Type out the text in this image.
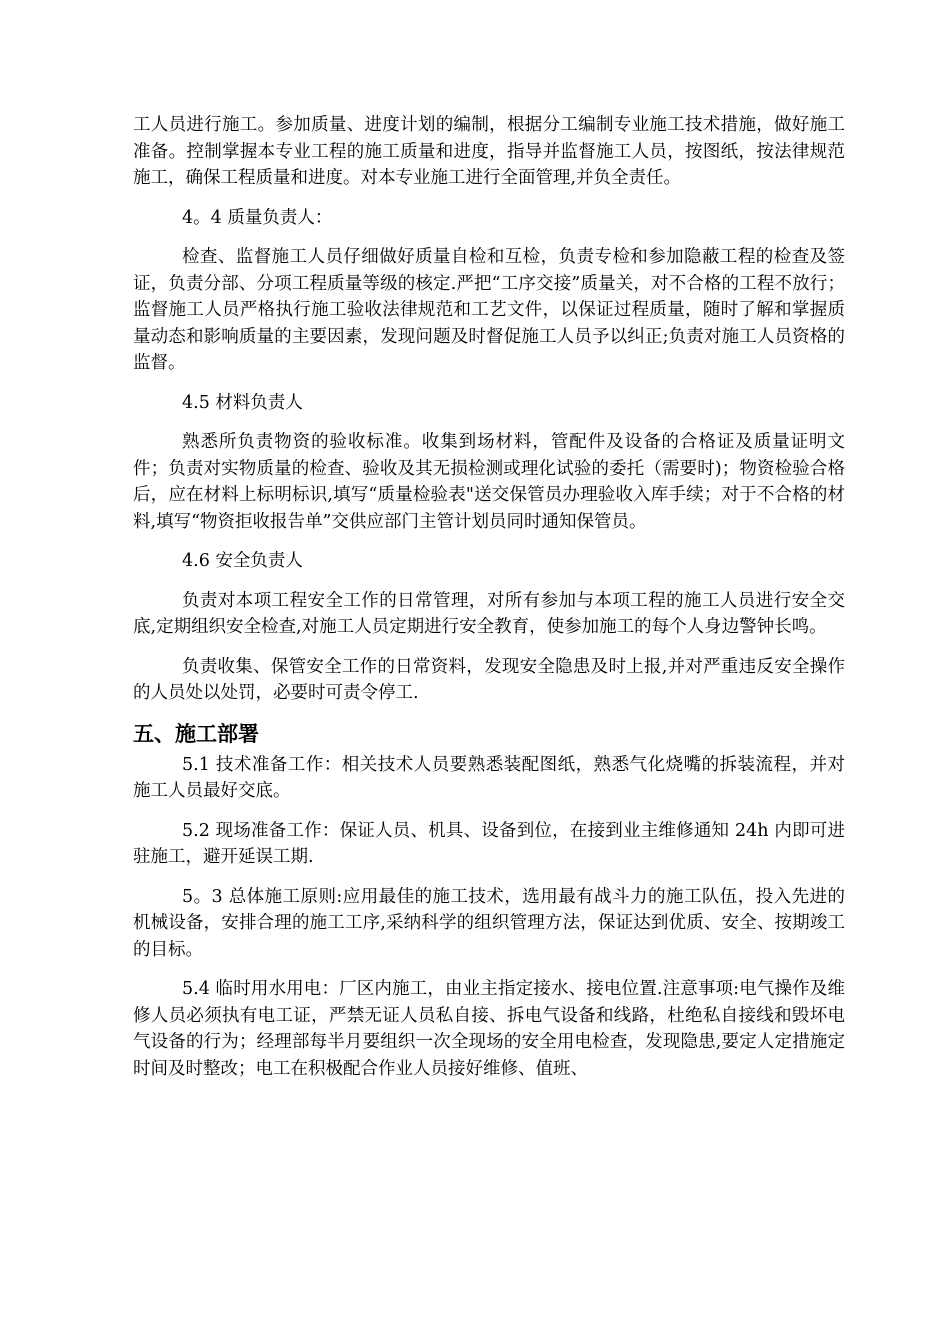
工人员进行施工。参加质量、进度计划的编制，根据分工编制专业施工技术措施，做好施工准备。控制掌握本专业工程的施工质量和进度，指导并监督施工人员，按图纸，按法律规范施工，确保工程质量和进度。对本专业施工进行全面管理,并负全责任。

4。4 质量负责人：

检查、监督施工人员仔细做好质量自检和互检，负责专检和参加隐蔽工程的检查及签证，负责分部、分项工程质量等级的核定.严把“工序交接”质量关，对不合格的工程不放行；监督施工人员严格执行施工验收法律规范和工艺文件，以保证过程质量，随时了解和掌握质量动态和影响质量的主要因素，发现问题及时督促施工人员予以纠正;负责对施工人员资格的监督。

4.5 材料负责人

熟悉所负责物资的验收标准。收集到场材料，管配件及设备的合格证及质量证明文件；负责对实物质量的检查、验收及其无损检测或理化试验的委托（需要时)；物资检验合格后，应在材料上标明标识,填写“质量检验表"送交保管员办理验收入库手续；对于不合格的材料,填写“物资拒收报告单”交供应部门主管计划员同时通知保管员。

4.6 安全负责人

负责对本项工程安全工作的日常管理，对所有参加与本项工程的施工人员进行安全交底,定期组织安全检查,对施工人员定期进行安全教育，使参加施工的每个人身边警钟长鸣。

负责收集、保管安全工作的日常资料，发现安全隐患及时上报,并对严重违反安全操作的人员处以处罚，必要时可责令停工.

五、施工部署

5.1 技术准备工作：相关技术人员要熟悉装配图纸，熟悉气化烧嘴的拆装流程，并对施工人员最好交底。

5.2 现场准备工作：保证人员、机具、设备到位，在接到业主维修通知 24h 内即可进驻施工，避开延误工期.

5。3 总体施工原则:应用最佳的施工技术，选用最有战斗力的施工队伍，投入先进的机械设备，安排合理的施工工序,采纳科学的组织管理方法，保证达到优质、安全、按期竣工的目标。

5.4 临时用水用电：厂区内施工，由业主指定接水、接电位置.注意事项:电气操作及维修人员必须执有电工证，严禁无证人员私自接、拆电气设备和线路，杜绝私自接线和毁坏电气设备的行为；经理部每半月要组织一次全现场的安全用电检查，发现隐患,要定人定措施定时间及时整改；电工在积极配合作业人员接好维修、值班、
